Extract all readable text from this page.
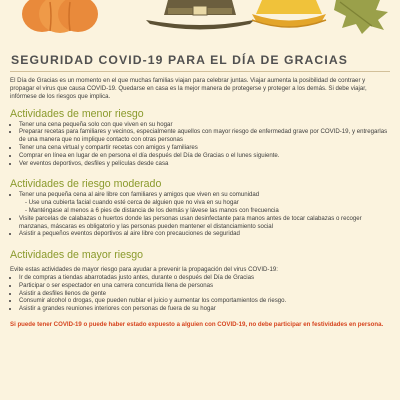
SEGURIDAD COVID-19 PARA EL DÍA DE GRACIAS

El Día de Gracias es un momento en el que muchas familias viajan para celebrar juntas. Viajar aumenta la posibilidad de contraer y propagar el virus que causa COVID-19. Quedarse en casa es la mejor manera de protegerse y proteger a los demás. Si debe viajar, infórmese de los riesgos que implica.

Actividades de menor riesgo
• Tener una cena pequeña solo con que viven en su hogar
• Preparar recetas para familiares y vecinos, especialmente aquellos con mayor riesgo de enfermedad grave por COVID-19, y entregarlas de una manera que no implique contacto con otras personas
• Tener una cena virtual y compartir recetas con amigos y familiares
• Comprar en línea en lugar de en persona el día después del Día de Gracias o el lunes siguiente.
• Ver eventos deportivos, desfiles y películas desde casa
Actividades de riesgo moderado
• Tener una pequeña cena al aire libre con familiares y amigos que viven en su comunidad
- Use una cubierta facial cuando esté cerca de alguien que no viva en su hogar
- Manténgase al menos a 6 pies de distancia de los demás y lávese las manos con frecuencia
• Visite parcelas de calabazas o huertos donde las personas usan desinfectante para manos antes de tocar calabazas o recoger manzanas, máscaras es obligatorio y las personas pueden mantener el distanciamiento social
• Asistir a pequeños eventos deportivos al aire libre con precauciones de seguridad
Actividades de mayor riesgo

Evite estas actividades de mayor riesgo para ayudar a prevenir la propagación del virus COVID-19:

• Ir de compras a tiendas abarrotadas justo antes, durante o después del Día de Gracias
• Participar o ser espectador en una carrera concurrida llena de personas
• Asistir a desfiles llenos de gente
• Consumir alcohol o drogas, que pueden nublar el juicio y aumentar los comportamientos de riesgo.
• Asistir a grandes reuniones interiores con personas de fuera de su hogar

Si puede tener COVID-19 o puede haber estado expuesto a alguien con COVID-19, no debe participar en festividades en persona.
